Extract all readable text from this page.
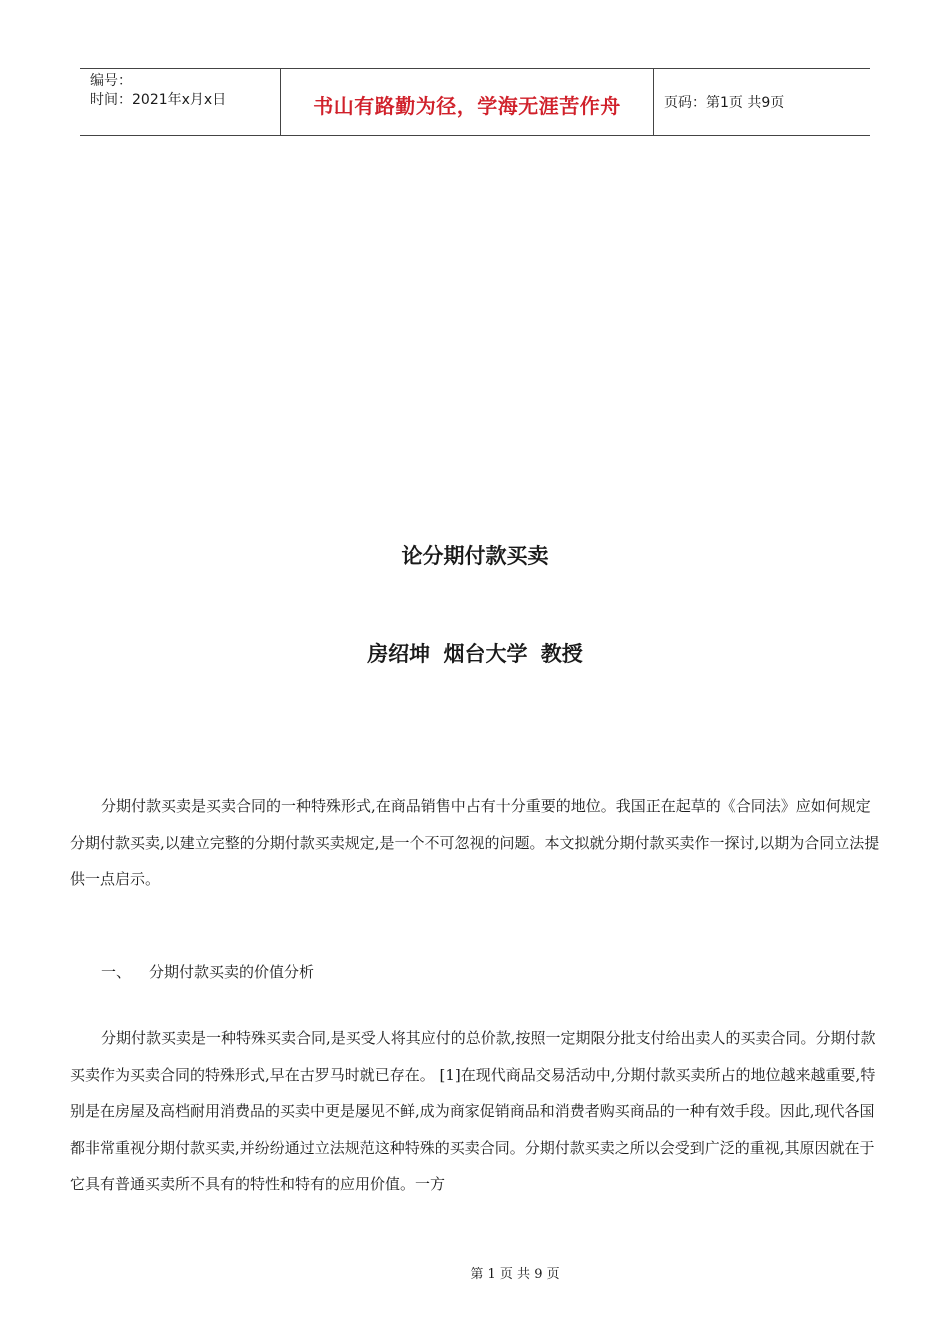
编号：
时间：2021年x月x日	书山有路勤为径，学海无涯苦作舟	页码：第1页 共9页
论分期付款买卖
房绍坤 烟台大学 教授

分期付款买卖是买卖合同的一种特殊形式,在商品销售中占有十分重要的地位。我国正在起草的《合同法》应如何规定分期付款买卖,以建立完整的分期付款买卖规定,是一个不可忽视的问题。本文拟就分期付款买卖作一探讨,以期为合同立法提供一点启示。

一、 分期付款买卖的价值分析

分期付款买卖是一种特殊买卖合同,是买受人将其应付的总价款,按照一定期限分批支付给出卖人的买卖合同。分期付款买卖作为买卖合同的特殊形式,早在古罗马时就已存在。 [1]在现代商品交易活动中,分期付款买卖所占的地位越来越重要,特别是在房屋及高档耐用消费品的买卖中更是屡见不鲜,成为商家促销商品和消费者购买商品的一种有效手段。因此,现代各国都非常重视分期付款买卖,并纷纷通过立法规范这种特殊的买卖合同。分期付款买卖之所以会受到广泛的重视,其原因就在于它具有普通买卖所不具有的特性和特有的应用价值。一方

第 1 页 共 9 页
